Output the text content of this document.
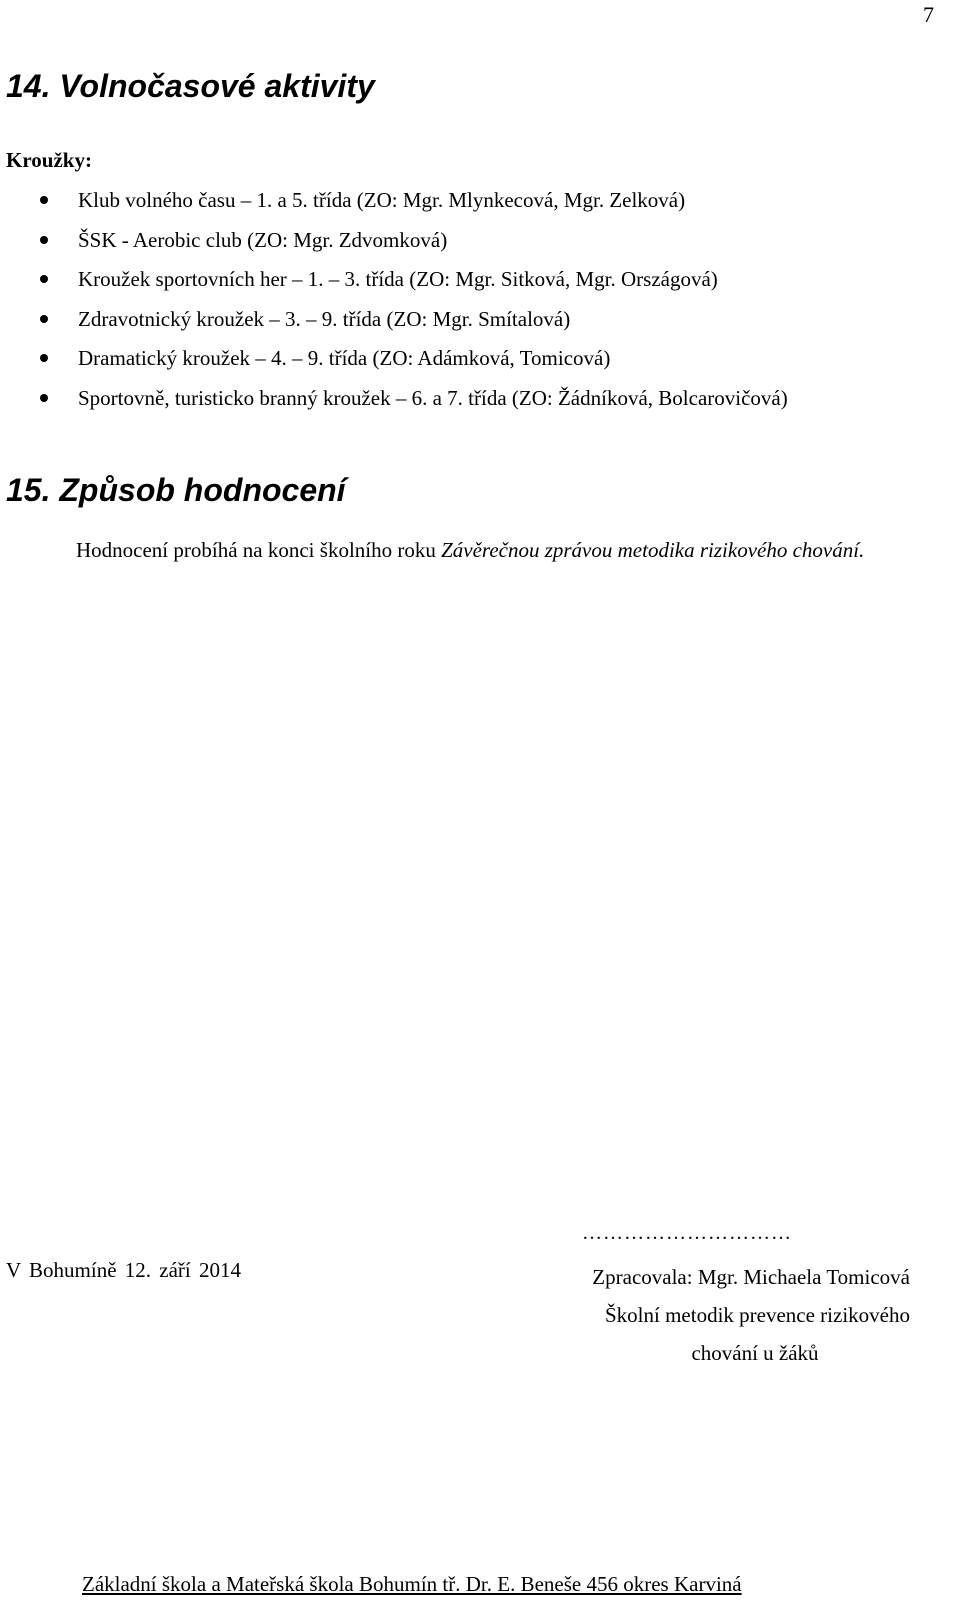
7
14. Volnočasové aktivity
Kroužky:
Klub volného času – 1. a 5. třída (ZO: Mgr. Mlynkecová, Mgr. Zelková)
ŠSK - Aerobic club (ZO: Mgr. Zdvomková)
Kroužek sportovních her – 1. – 3. třída (ZO: Mgr. Sitková, Mgr. Országová)
Zdravotnický kroužek – 3. – 9. třída (ZO: Mgr. Smítalová)
Dramatický kroužek – 4. – 9. třída (ZO: Adámková, Tomicová)
Sportovně, turisticko branný kroužek – 6. a 7. třída (ZO: Žádníková, Bolcarovičová)
15. Způsob hodnocení

Hodnocení probíhá na konci školního roku Závěrečnou zprávou metodika rizikového chování.

…………………………
V Bohumíně 12. září 2014	Zpracovala: Mgr. Michaela Tomicová
Školní metodik prevence rizikového
chování u žáků
Základní škola a Mateřská škola Bohumín tř. Dr. E. Beneše 456 okres Karviná
